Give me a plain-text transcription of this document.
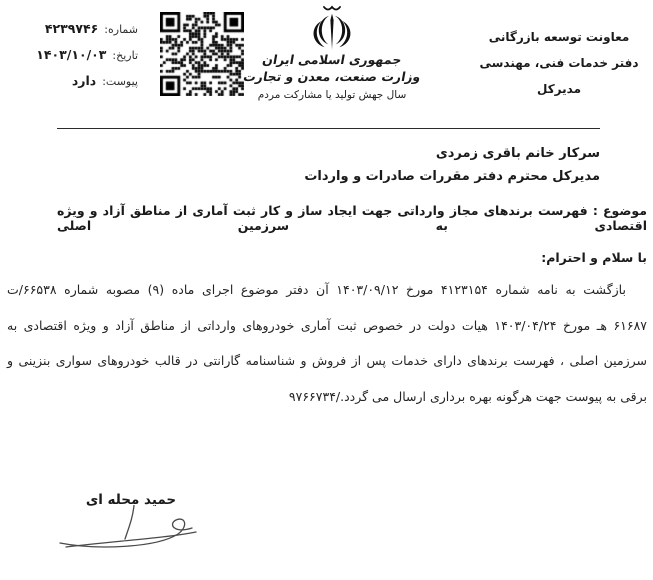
شماره:
۴۲۳۹۷۴۶
تاریخ:
۱۴۰۳/۱۰/۰۳
پیوست:
دارد
جمهوری اسلامی ایران
وزارت صنعت، معدن و تجارت
سال جهش تولید یا مشارکت مردم
معاونت توسعه بازرگانی
دفتر خدمات فنی، مهندسی
مدیرکل
سرکار خانم باقری زمردی
مدیرکل محترم دفتر مقررات صادرات و واردات
موضوع : فهرست برندهای مجاز وارداتی جهت ایجاد ساز و کار ثبت آماری از مناطق آزاد و ویژه اقتصادی به سرزمین اصلی
با سلام و احترام:
بازگشت به نامه شماره ۴۱۲۳۱۵۴ مورخ ۱۴۰۳/۰۹/۱۲ آن دفتر موضوع اجرای ماده (۹) مصوبه شماره ۶۶۵۳۸/ت
۶۱۶۸۷ هـ مورخ ۱۴۰۳/۰۴/۲۴ هیات دولت در خصوص ثبت آماری خودروهای وارداتی از مناطق آزاد و ویژه اقتصادی به
سرزمین اصلی ، فهرست برندهای دارای خدمات پس از فروش و شناسنامه گارانتی در قالب خودروهای سواری بنزینی و
برقی به پیوست جهت هرگونه بهره برداری ارسال می گردد./۹۷۶۶۷۳۴
حمید محله ای
